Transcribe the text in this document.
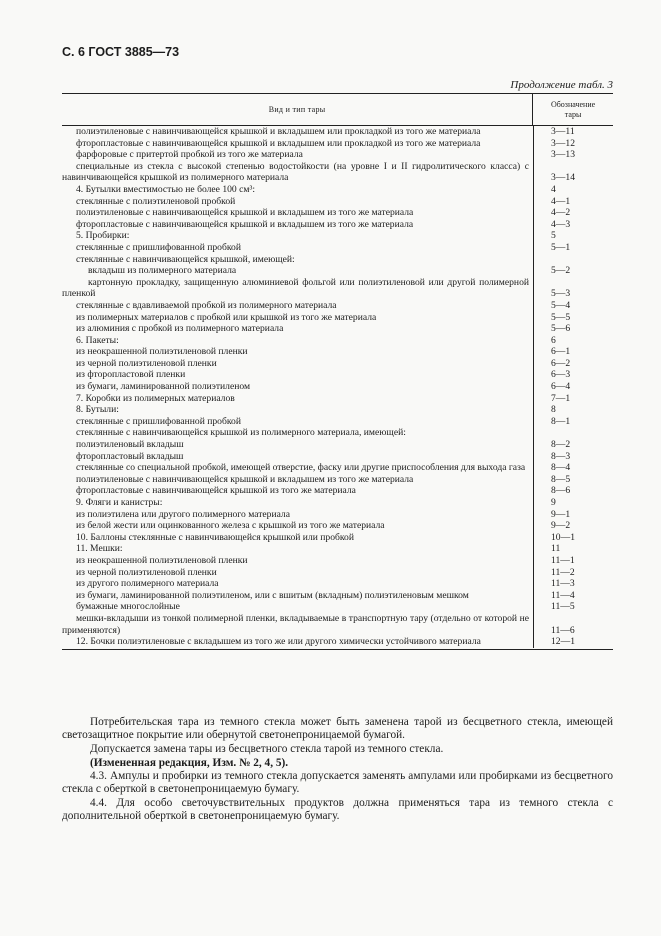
С. 6 ГОСТ 3885—73
Продолжение табл. 3
Вид и тип тары
Обозначение
тары
полиэтиленовые с навинчивающейся крышкой и вкладышем или прокладкой из того же материала	3—11
фторопластовые с навинчивающейся крышкой и вкладышем или прокладкой из того же материала	3—12
фарфоровые с притертой пробкой из того же материала	3—13
специальные из стекла с высокой степенью водостойкости (на уровне I и II гидролитического класса) с навинчивающейся крышкой из полимерного материала	3—14
4. Бутылки вместимостью не более 100 см³:	4
стеклянные с полиэтиленовой пробкой	4—1
полиэтиленовые с навинчивающейся крышкой и вкладышем из того же материала	4—2
фторопластовые с навинчивающейся крышкой и вкладышем из того же материала	4—3
5. Пробирки:	5
стеклянные с пришлифованной пробкой	5—1
стеклянные с навинчивающейся крышкой, имеющей:
вкладыш из полимерного материала	5—2
картонную прокладку, защищенную алюминиевой фольгой или полиэтиленовой или другой полимерной пленкой	5—3
стеклянные с вдавливаемой пробкой из полимерного материала	5—4
из полимерных материалов с пробкой или крышкой из того же материала	5—5
из алюминия с пробкой из полимерного материала	5—6
6. Пакеты:	6
из неокрашенной полиэтиленовой пленки	6—1
из черной полиэтиленовой пленки	6—2
из фторопластовой пленки	6—3
из бумаги, ламинированной полиэтиленом	6—4
7. Коробки из полимерных материалов	7—1
8. Бутыли:	8
стеклянные с пришлифованной пробкой	8—1
стеклянные с навинчивающейся крышкой из полимерного материала, имеющей:
полиэтиленовый вкладыш	8—2
фторопластовый вкладыш	8—3
стеклянные со специальной пробкой, имеющей отверстие, фаску или другие приспособления для выхода газа	8—4
полиэтиленовые с навинчивающейся крышкой и вкладышем из того же материала	8—5
фторопластовые с навинчивающейся крышкой из того же материала	8—6
9. Фляги и канистры:	9
из полиэтилена или другого полимерного материала	9—1
из белой жести или оцинкованного железа с крышкой из того же материала	9—2
10. Баллоны стеклянные с навинчивающейся крышкой или пробкой	10—1
11. Мешки:	11
из неокрашенной полиэтиленовой пленки	11—1
из черной полиэтиленовой пленки	11—2
из другого полимерного материала	11—3
из бумаги, ламинированной полиэтиленом, или с вшитым (вкладным) полиэтиленовым мешком	11—4
бумажные многослойные	11—5
мешки-вкладыши из тонкой полимерной пленки, вкладываемые в транспортную тару (отдельно от которой не применяются)	11—6
12. Бочки полиэтиленовые с вкладышем из того же или другого химически устойчивого материала	12—1
Потребительская тара из темного стекла может быть заменена тарой из бесцветного стекла, имеющей светозащитное покрытие или обернутой светонепроницаемой бумагой.
Допускается замена тары из бесцветного стекла тарой из темного стекла.
(Измененная редакция, Изм. № 2, 4, 5).
4.3. Ампулы и пробирки из темного стекла допускается заменять ампулами или пробирками из бесцветного стекла с оберткой в светонепроницаемую бумагу.
4.4. Для особо светочувствительных продуктов должна применяться тара из темного стекла с дополнительной оберткой в светонепроницаемую бумагу.
